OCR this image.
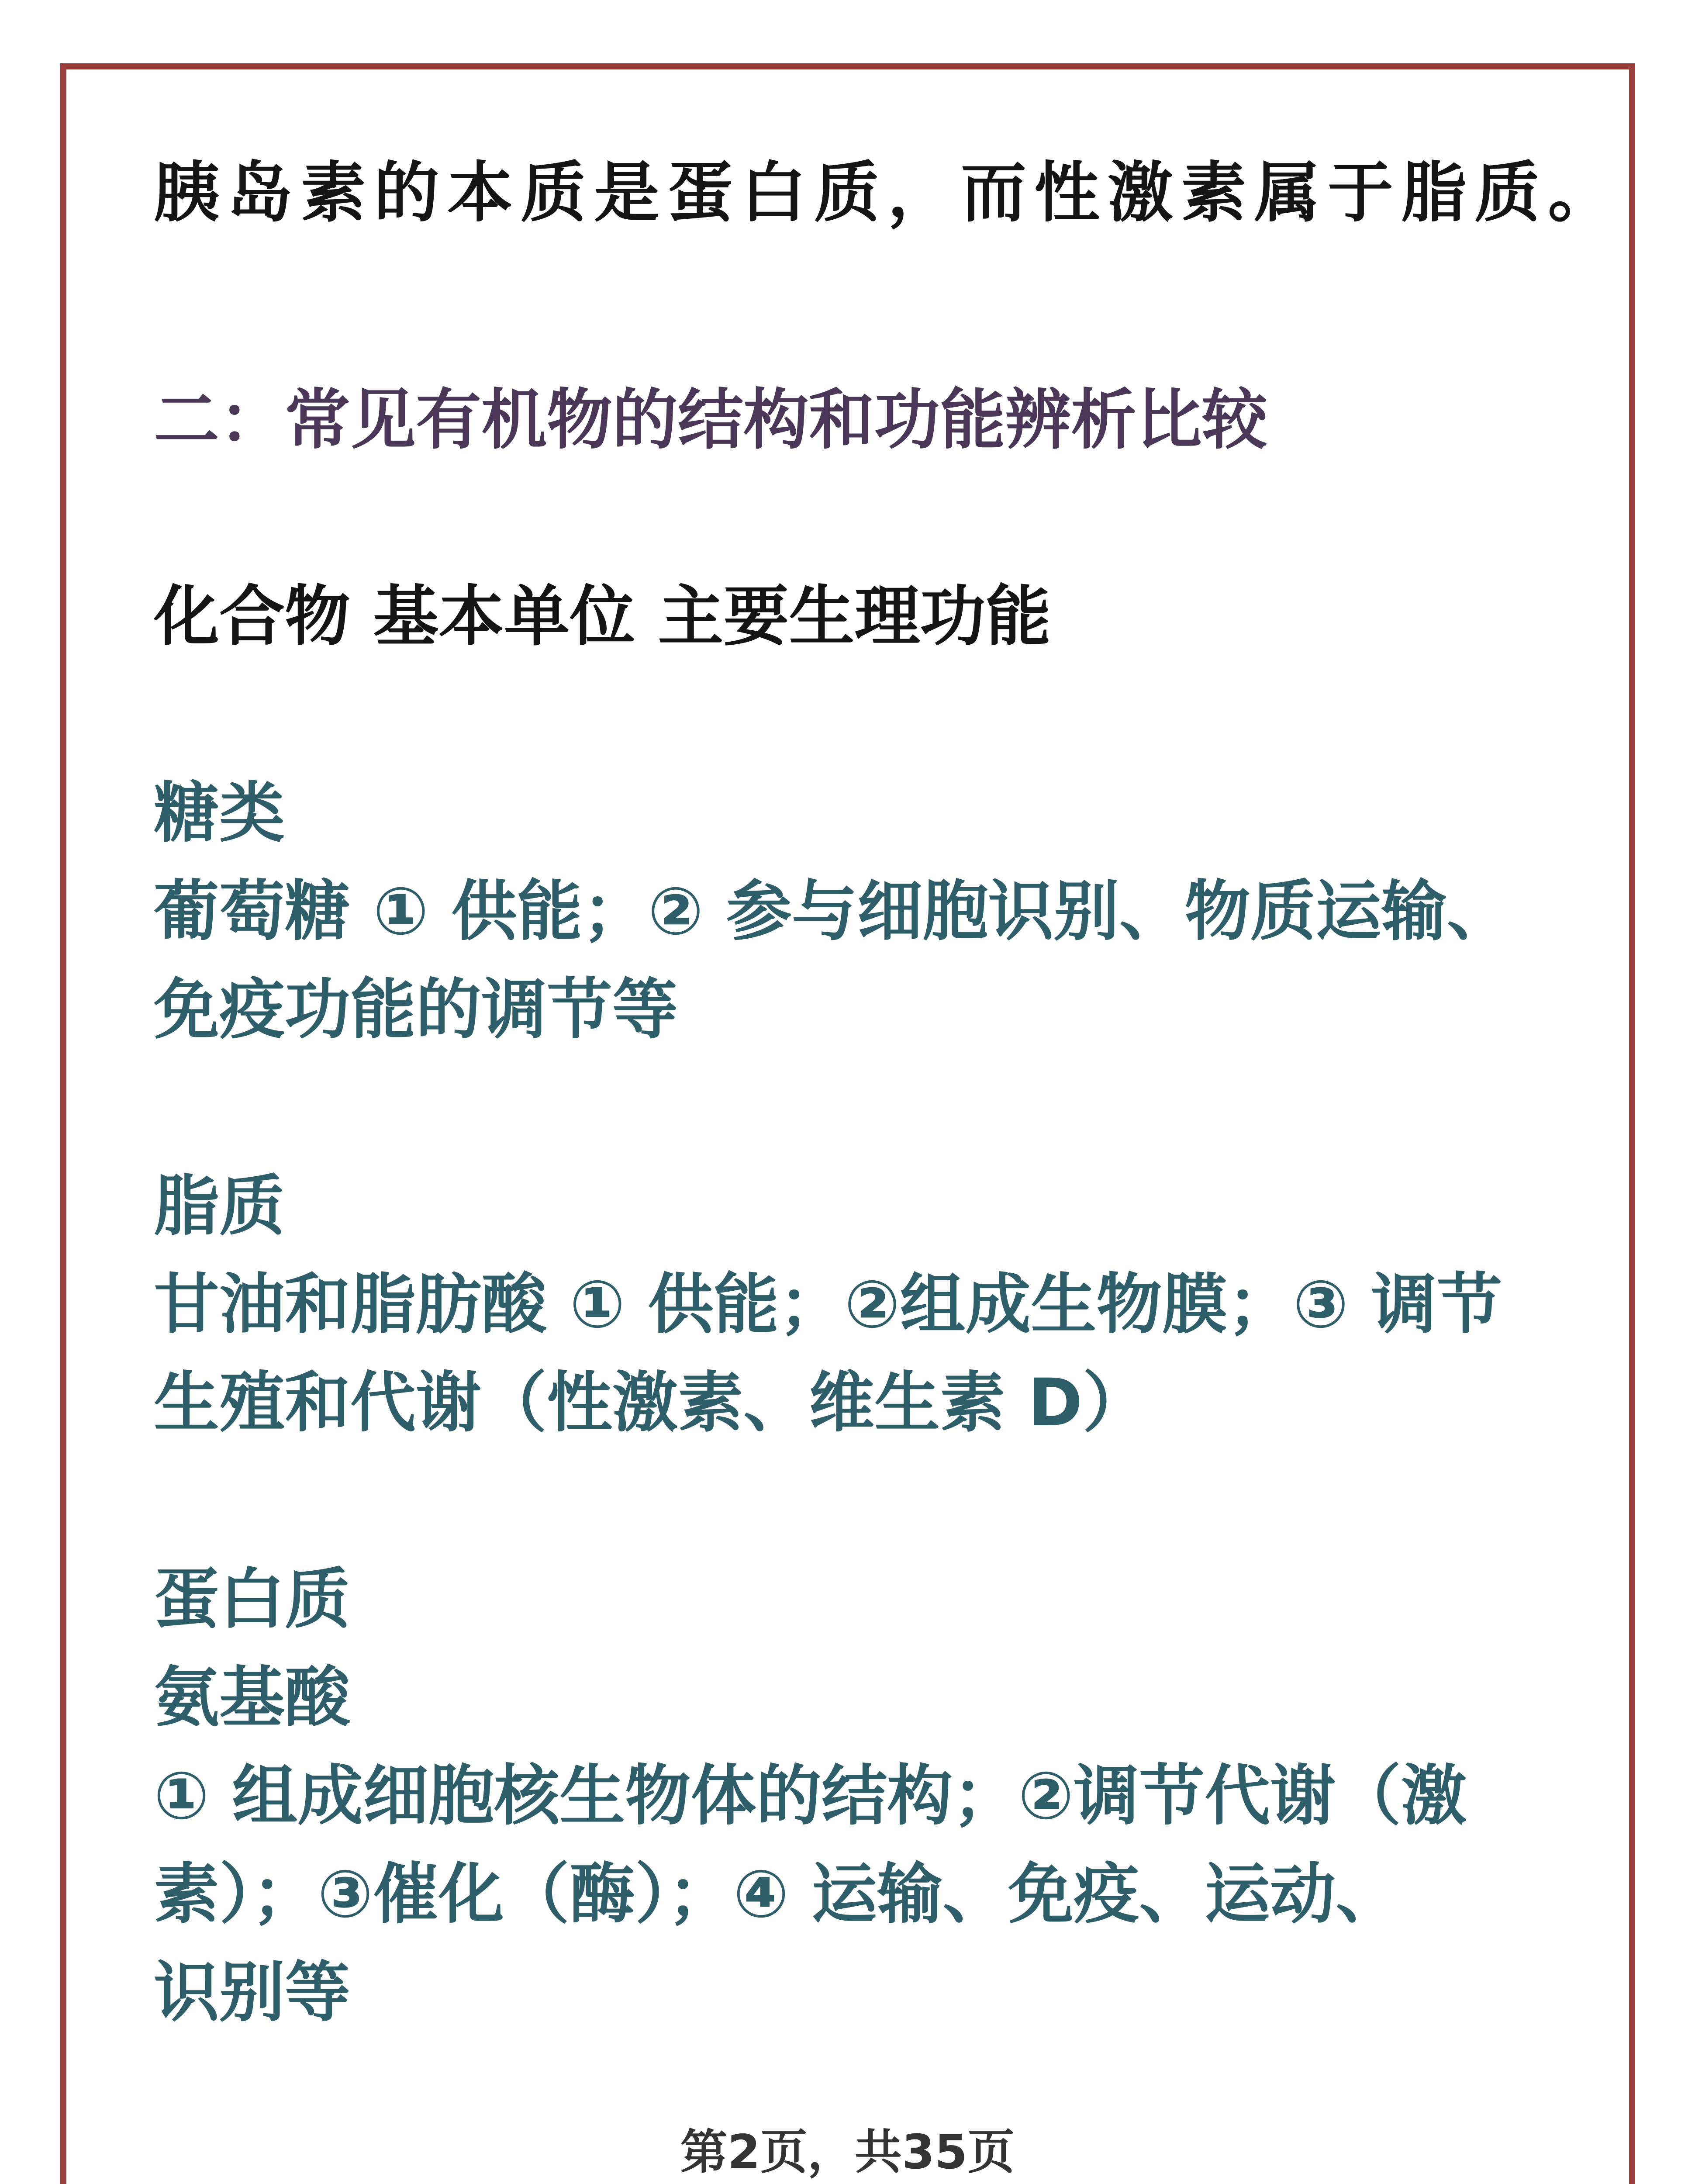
胰岛素的本质是蛋白质，而性激素属于脂质。

二：常见有机物的结构和功能辨析比较

化合物 基本单位 主要生理功能

糖类

葡萄糖 ① 供能；② 参与细胞识别、物质运输、

免疫功能的调节等

脂质

甘油和脂肪酸 ① 供能；②组成生物膜；③ 调节

生殖和代谢（性激素、维生素 D）

蛋白质

氨基酸

① 组成细胞核生物体的结构；②调节代谢（激

素）；③催化（酶）；④ 运输、免疫、运动、

识别等

第2页，共35页
